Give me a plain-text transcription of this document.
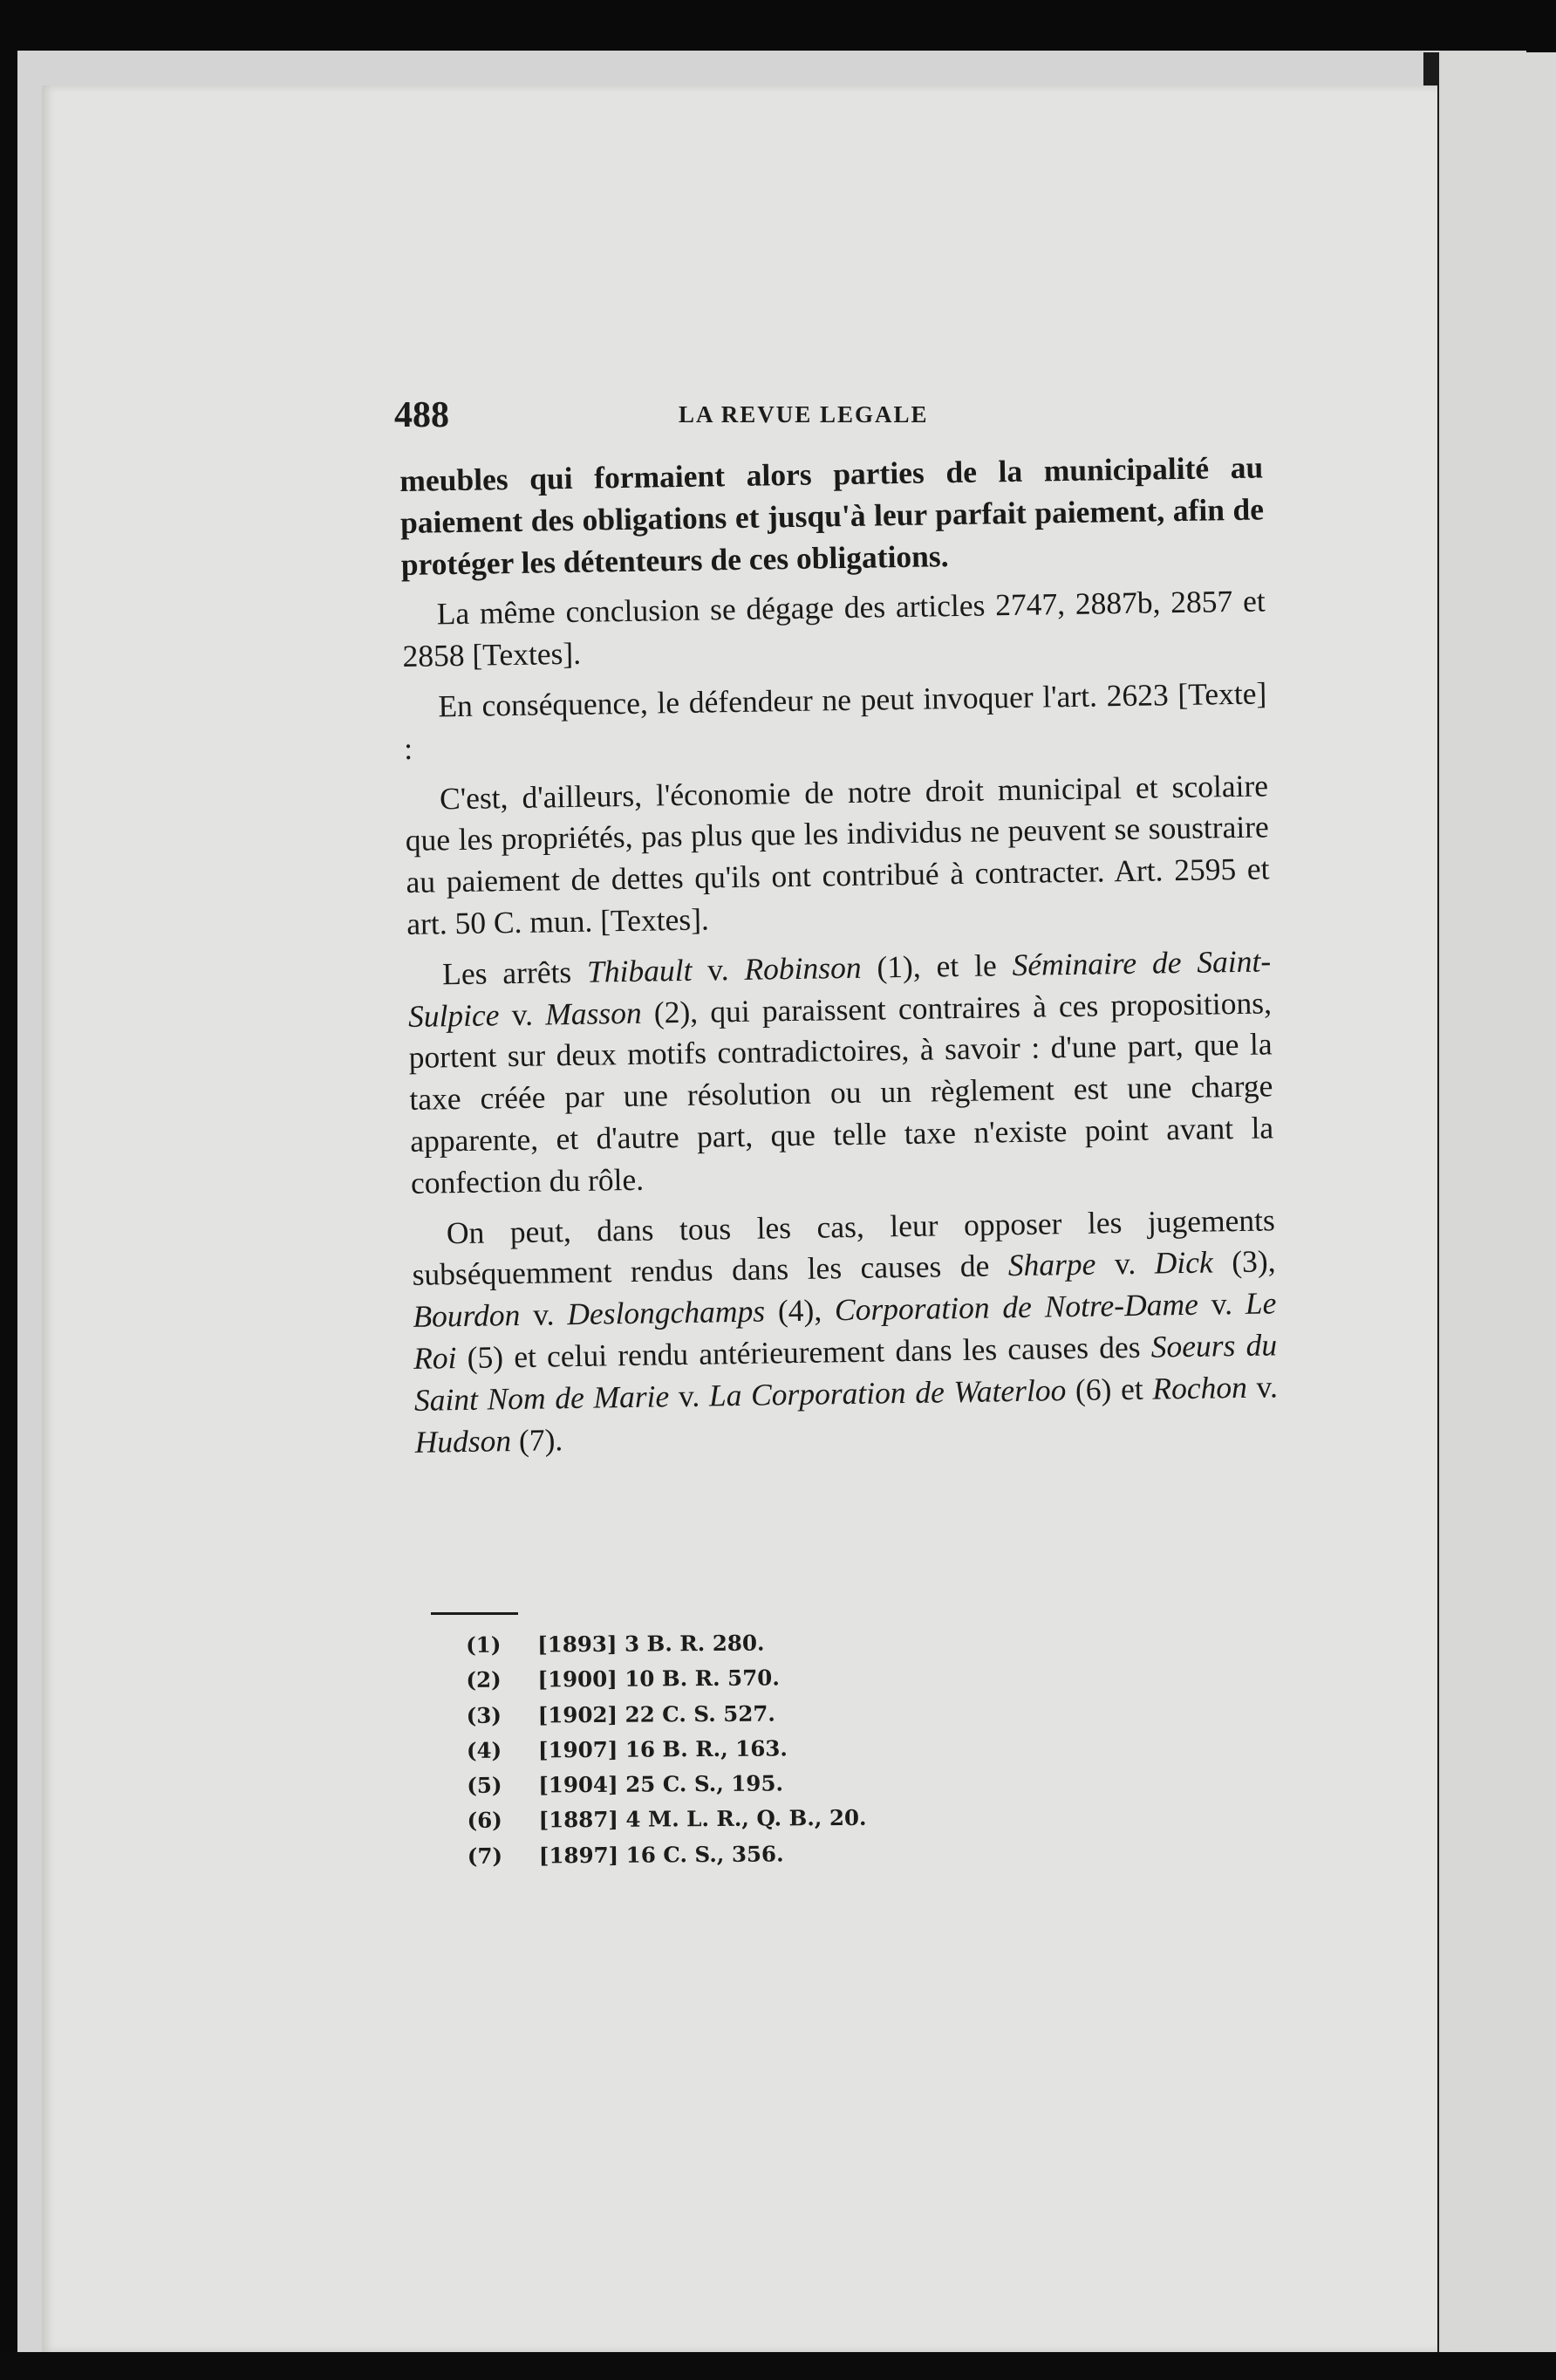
488	LA REVUE LEGALE

meubles qui formaient alors parties de la municipalité au paiement des obligations et jusqu'à leur parfait paiement, afin de protéger les détenteurs de ces obligations.

La même conclusion se dégage des articles 2747, 2887b, 2857 et 2858 [Textes].

En conséquence, le défendeur ne peut invoquer l'art. 2623 [Texte] :

C'est, d'ailleurs, l'économie de notre droit municipal et scolaire que les propriétés, pas plus que les individus ne peuvent se soustraire au paiement de dettes qu'ils ont contribué à contracter. Art. 2595 et art. 50 C. mun. [Textes].

Les arrêts Thibault v. Robinson (1), et le Séminaire de Saint-Sulpice v. Masson (2), qui paraissent contraires à ces propositions, portent sur deux motifs contradictoires, à savoir : d'une part, que la taxe créée par une résolution ou un règlement est une charge apparente, et d'autre part, que telle taxe n'existe point avant la confection du rôle.

On peut, dans tous les cas, leur opposer les jugements subséquemment rendus dans les causes de Sharpe v. Dick (3), Bourdon v. Deslongchamps (4), Corporation de Notre-Dame v. Le Roi (5) et celui rendu antérieurement dans les causes des Soeurs du Saint Nom de Marie v. La Corporation de Waterloo (6) et Rochon v. Hudson (7).

(1) [1893] 3 B. R. 280.
(2) [1900] 10 B. R. 570.
(3) [1902] 22 C. S. 527.
(4) [1907] 16 B. R., 163.
(5) [1904] 25 C. S., 195.
(6) [1887] 4 M. L. R., Q. B., 20.
(7) [1897] 16 C. S., 356.
